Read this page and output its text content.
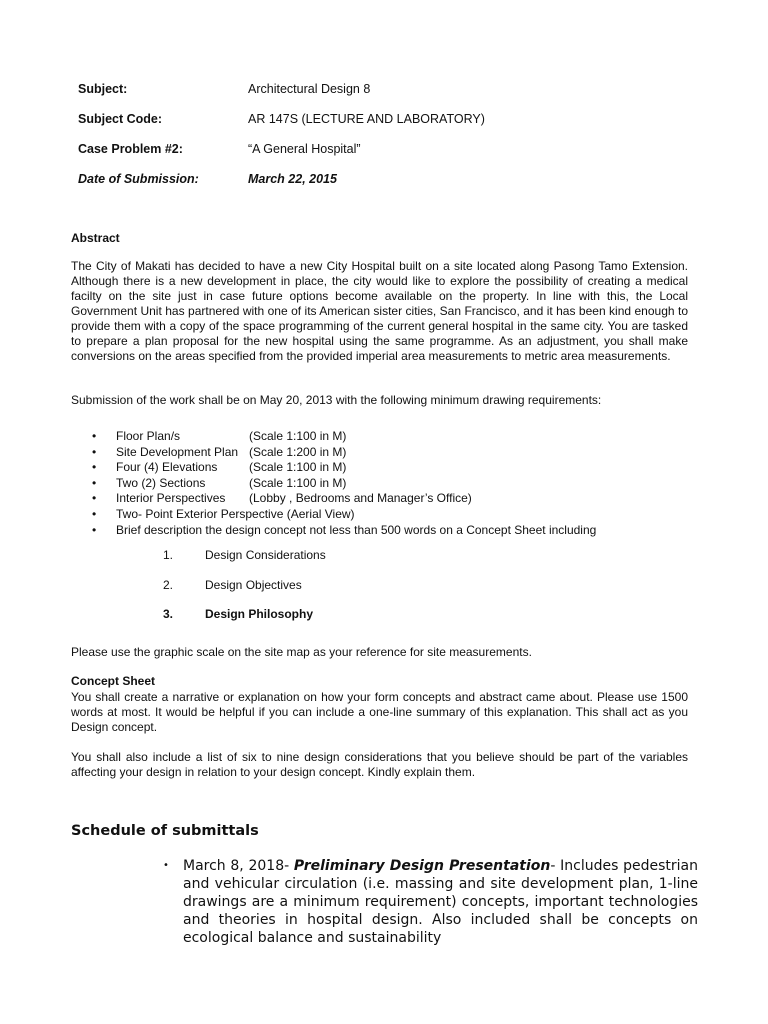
Subject:	Architectural Design 8
Subject Code:	AR 147S (LECTURE AND LABORATORY)
Case Problem #2:	“A General Hospital”
Date of Submission:	March 22, 2015
Abstract

The City of Makati has decided to have a new City Hospital built on a site located along Pasong Tamo Extension. Although there is a new development in place, the city would like to explore the possibility of creating a medical facilty on the site just in case future options become available on the property. In line with this, the Local Government Unit has partnered with one of its American sister cities, San Francisco, and it has been kind enough to provide them with a copy of the space programming of the current general hospital in the same city. You are tasked to prepare a plan proposal for the new hospital using the same programme. As an adjustment, you shall make conversions on the areas specified from the provided imperial area measurements to metric area measurements.

Submission of the work shall be on May 20, 2013 with the following minimum drawing requirements:

• Floor Plan/s	(Scale 1:100 in M)
• Site Development Plan (Scale 1:200 in M)
• Four (4) Elevations	(Scale 1:100 in M)
• Two (2) Sections	(Scale 1:100 in M)
• Interior Perspectives (Lobby , Bedrooms and Manager’s Office)
• Two- Point Exterior Perspective (Aerial View)
• Brief description the design concept not less than 500 words on a Concept Sheet including
1.	Design Considerations
2.	Design Objectives
3.	Design Philosophy

Please use the graphic scale on the site map as your reference for site measurements.

Concept Sheet

You shall create a narrative or explanation on how your form concepts and abstract came about. Please use 1500 words at most. It would be helpful if you can include a one-line summary of this explanation. This shall act as you Design concept.

You shall also include a list of six to nine design considerations that you believe should be part of the variables affecting your design in relation to your design concept. Kindly explain them.

Schedule of submittals
• March 8, 2018- Preliminary Design Presentation- Includes pedestrian and vehicular circulation (i.e. massing and site development plan, 1-line drawings are a minimum requirement) concepts, important technologies and theories in hospital design. Also included shall be concepts on ecological balance and sustainability
